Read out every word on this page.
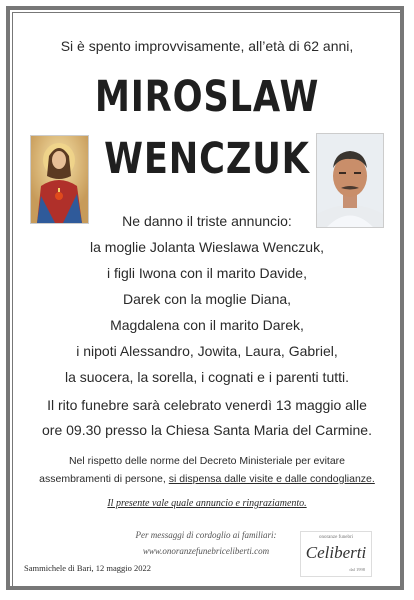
Si è spento improvvisamente, all’età di 62 anni,
MIROSLAW
WENCZUK
Ne danno il triste annuncio:
la moglie Jolanta Wieslawa Wenczuk,
i figli Iwona con il marito Davide,
Darek con la moglie Diana,
Magdalena con il marito Darek,
i nipoti Alessandro, Jowita, Laura, Gabriel,
la suocera, la sorella, i cognati e i parenti tutti.
Il rito funebre sarà celebrato venerdì 13 maggio alle
ore 09.30 presso la Chiesa Santa Maria del Carmine.
Nel rispetto delle norme del Decreto Ministeriale per evitare
assembramenti di persone, si dispensa dalle visite e dalle condoglianze.
Il presente vale quale annuncio e ringraziamento.
Per messaggi di cordoglio ai familiari:
www.onoranzefunebriceliberti.com
Sammichele di Bari, 12 maggio 2022
onoranze funebri
Celiberti
dal 1998
